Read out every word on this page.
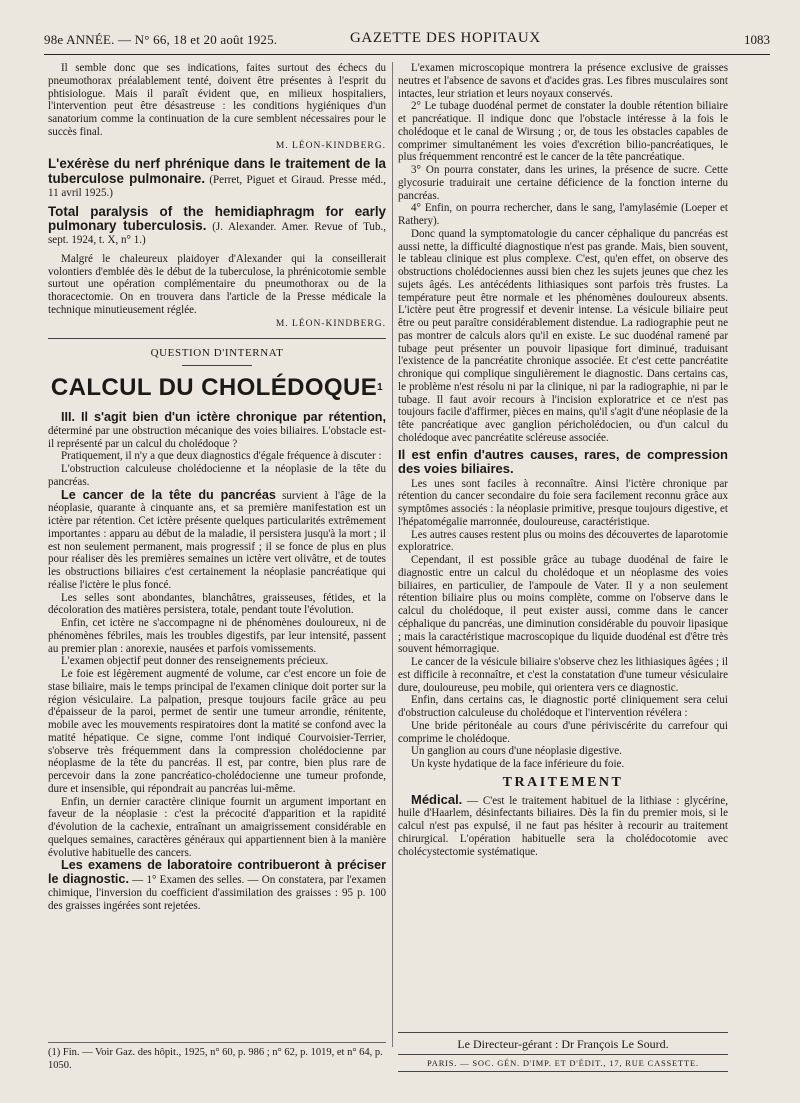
98e ANNÉE. — N° 66, 18 et 20 août 1925.	GAZETTE DES HOPITAUX	1083

Il semble donc que ses indications, faites surtout des échecs du pneumothorax préalablement tenté, doivent être présentes à l'esprit du phtisiologue. Mais il paraît évident que, en milieux hospitaliers, l'intervention peut être désastreuse : les conditions hygiéniques d'un sanatorium comme la continuation de la cure semblent nécessaires pour le succès final.

M. LÉON-KINDBERG.

L'exérèse du nerf phrénique dans le traitement de la tuberculose pulmonaire. (Perret, Piguet et Giraud. Presse méd., 11 avril 1925.)

Total paralysis of the hemidiaphragm for early pulmonary tuberculosis. (J. Alexander. Amer. Revue of Tub., sept. 1924, t. X, n° 1.)

Malgré le chaleureux plaidoyer d'Alexander qui la conseillerait volontiers d'emblée dès le début de la tuberculose, la phrénicotomie semble surtout une opération complémentaire du pneumothorax ou de la thoracectomie. On en trouvera dans l'article de la Presse médicale la technique minutieusement réglée.

M. LÉON-KINDBERG.
QUESTION D'INTERNAT
CALCUL DU CHOLÉDOQUE$^1$

III. Il s'agit bien d'un ictère chronique par rétention, déterminé par une obstruction mécanique des voies biliaires. L'obstacle est-il représenté par un calcul du cholédoque ?

Pratiquement, il n'y a que deux diagnostics d'égale fréquence à discuter :

L'obstruction calculeuse cholédocienne et la néoplasie de la tête du pancréas.

Le cancer de la tête du pancréas survient à l'âge de la néoplasie, quarante à cinquante ans, et sa première manifestation est un ictère par rétention. Cet ictère présente quelques particularités extrêmement importantes : apparu au début de la maladie, il persistera jusqu'à la mort ; il est non seulement permanent, mais progressif ; il se fonce de plus en plus pour réaliser dès les premières semaines un ictère vert olivâtre, et de toutes les obstructions biliaires c'est certainement la néoplasie pancréatique qui réalise l'ictère le plus foncé.

Les selles sont abondantes, blanchâtres, graisseuses, fétides, et la décoloration des matières persistera, totale, pendant toute l'évolution.

Enfin, cet ictère ne s'accompagne ni de phénomènes douloureux, ni de phénomènes fébriles, mais les troubles digestifs, par leur intensité, passent au premier plan : anorexie, nausées et parfois vomissements.

L'examen objectif peut donner des renseignements précieux.

Le foie est légèrement augmenté de volume, car c'est encore un foie de stase biliaire, mais le temps principal de l'examen clinique doit porter sur la région vésiculaire. La palpation, presque toujours facile grâce au peu d'épaisseur de la paroi, permet de sentir une tumeur arrondie, rénitente, mobile avec les mouvements respiratoires dont la matité se confond avec la matité hépatique. Ce signe, comme l'ont indiqué Courvoisier-Terrier, s'observe très fréquemment dans la compression cholédocienne par néoplasme de la tête du pancréas. Il est, par contre, bien plus rare de percevoir dans la zone pancréatico-cholédocienne une tumeur profonde, dure et insensible, qui répondrait au pancréas lui-même.

Enfin, un dernier caractère clinique fournit un argument important en faveur de la néoplasie : c'est la précocité d'apparition et la rapidité d'évolution de la cachexie, entraînant un amaigrissement considérable en quelques semaines, caractères généraux qui appartiennent bien à la manière évolutive habituelle des cancers.

Les examens de laboratoire contribueront à préciser le diagnostic. — 1° Examen des selles. — On constatera, par l'examen chimique, l'inversion du coefficient d'assimilation des graisses : 95 p. 100 des graisses ingérées sont rejetées.

L'examen microscopique montrera la présence exclusive de graisses neutres et l'absence de savons et d'acides gras. Les fibres musculaires sont intactes, leur striation et leurs noyaux conservés.

2° Le tubage duodénal permet de constater la double rétention biliaire et pancréatique. Il indique donc que l'obstacle intéresse à la fois le cholédoque et le canal de Wirsung ; or, de tous les obstacles capables de comprimer simultanément les voies d'excrétion bilio-pancréatiques, le plus fréquemment rencontré est le cancer de la tête pancréatique.

3° On pourra constater, dans les urines, la présence de sucre. Cette glycosurie traduirait une certaine déficience de la fonction interne du pancréas.

4° Enfin, on pourra rechercher, dans le sang, l'amylasémie (Loeper et Rathery).

Donc quand la symptomatologie du cancer céphalique du pancréas est aussi nette, la difficulté diagnostique n'est pas grande. Mais, bien souvent, le tableau clinique est plus complexe. C'est, qu'en effet, on observe des obstructions cholédociennes aussi bien chez les sujets jeunes que chez les sujets âgés. Les antécédents lithiasiques sont parfois très frustes. La température peut être normale et les phénomènes douloureux absents. L'ictère peut être progressif et devenir intense. La vésicule biliaire peut être ou peut paraître considérablement distendue. La radiographie peut ne pas montrer de calculs alors qu'il en existe. Le suc duodénal ramené par tubage peut présenter un pouvoir lipasique fort diminué, traduisant l'existence de la pancréatite chronique associée. Et c'est cette pancréatite chronique qui complique singulièrement le diagnostic. Dans certains cas, le problème n'est résolu ni par la clinique, ni par la radiographie, ni par le tubage. Il faut avoir recours à l'incision exploratrice et ce n'est pas toujours facile d'affirmer, pièces en mains, qu'il s'agit d'une néoplasie de la tête pancréatique avec ganglion péricholédocien, ou d'un calcul du cholédoque avec pancréatite scléreuse associée.

Il est enfin d'autres causes, rares, de compression des voies biliaires.

Les unes sont faciles à reconnaître. Ainsi l'ictère chronique par rétention du cancer secondaire du foie sera facilement reconnu grâce aux symptômes associés : la néoplasie primitive, presque toujours digestive, et l'hépatomégalie marronnée, douloureuse, caractéristique.

Les autres causes restent plus ou moins des découvertes de laparotomie exploratrice.

Cependant, il est possible grâce au tubage duodénal de faire le diagnostic entre un calcul du cholédoque et un néoplasme des voies biliaires, en particulier, de l'ampoule de Vater. Il y a non seulement rétention biliaire plus ou moins complète, comme on l'observe dans le calcul du cholédoque, il peut exister aussi, comme dans le cancer céphalique du pancréas, une diminution considérable du pouvoir lipasique ; mais la caractéristique macroscopique du liquide duodénal est d'être très souvent hémorragique.

Le cancer de la vésicule biliaire s'observe chez les lithiasiques âgées ; il est difficile à reconnaître, et c'est la constatation d'une tumeur vésiculaire dure, douloureuse, peu mobile, qui orientera vers ce diagnostic.

Enfin, dans certains cas, le diagnostic porté cliniquement sera celui d'obstruction calculeuse du cholédoque et l'intervention révélera :

Une bride péritonéale au cours d'une périviscérite du carrefour qui comprime le cholédoque.

Un ganglion au cours d'une néoplasie digestive.

Un kyste hydatique de la face inférieure du foie.

TRAITEMENT

Médical. — C'est le traitement habituel de la lithiase : glycérine, huile d'Haarlem, désinfectants biliaires. Dès la fin du premier mois, si le calcul n'est pas expulsé, il ne faut pas hésiter à recourir au traitement chirurgical. L'opération habituelle sera la cholédocotomie avec cholécystectomie systématique.

(1) Fin. — Voir Gaz. des hôpit., 1925, n° 60, p. 986 ; n° 62, p. 1019, et n° 64, p. 1050.
Le Directeur-gérant : Dr François Le Sourd.
PARIS. — SOC. GÉN. D'IMP. ET D'ÉDIT., 17, RUE CASSETTE.
